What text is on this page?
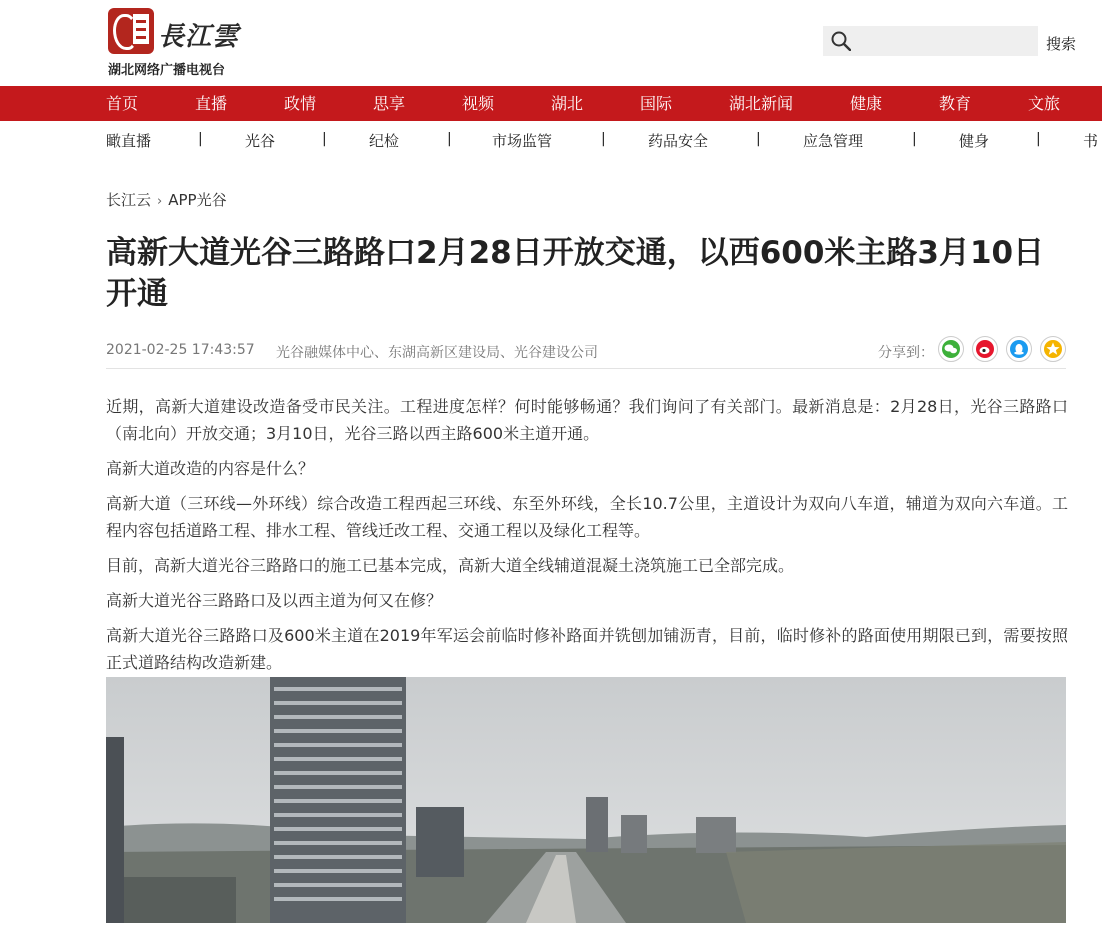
長江雲
湖北网络广播电视台
搜索
首页	直播	政情	思享	视频	湖北	国际	湖北新闻	健康	教育	文旅
瞰直播	|	光谷	|	纪检	|	市场监管	|	药品安全	|	应急管理	|	健身	|	书
长江云 › APP光谷
高新大道光谷三路路口2月28日开放交通，以西600米主路3月10日开通
2021-02-25 17:43:57 光谷融媒体中心、东湖高新区建设局、光谷建设公司	分享到：

近期，高新大道建设改造备受市民关注。工程进度怎样？何时能够畅通？我们询问了有关部门。最新消息是：2月28日，光谷三路路口（南北向）开放交通；3月10日，光谷三路以西主路600米主道开通。

高新大道改造的内容是什么？

高新大道（三环线—外环线）综合改造工程西起三环线、东至外环线，全长10.7公里，主道设计为双向八车道，辅道为双向六车道。工程内容包括道路工程、排水工程、管线迁改工程、交通工程以及绿化工程等。

目前，高新大道光谷三路路口的施工已基本完成，高新大道全线辅道混凝土浇筑施工已全部完成。

高新大道光谷三路路口及以西主道为何又在修？

高新大道光谷三路路口及600米主道在2019年军运会前临时修补路面并铣刨加铺沥青，目前，临时修补的路面使用期限已到，需要按照正式道路结构改造新建。
